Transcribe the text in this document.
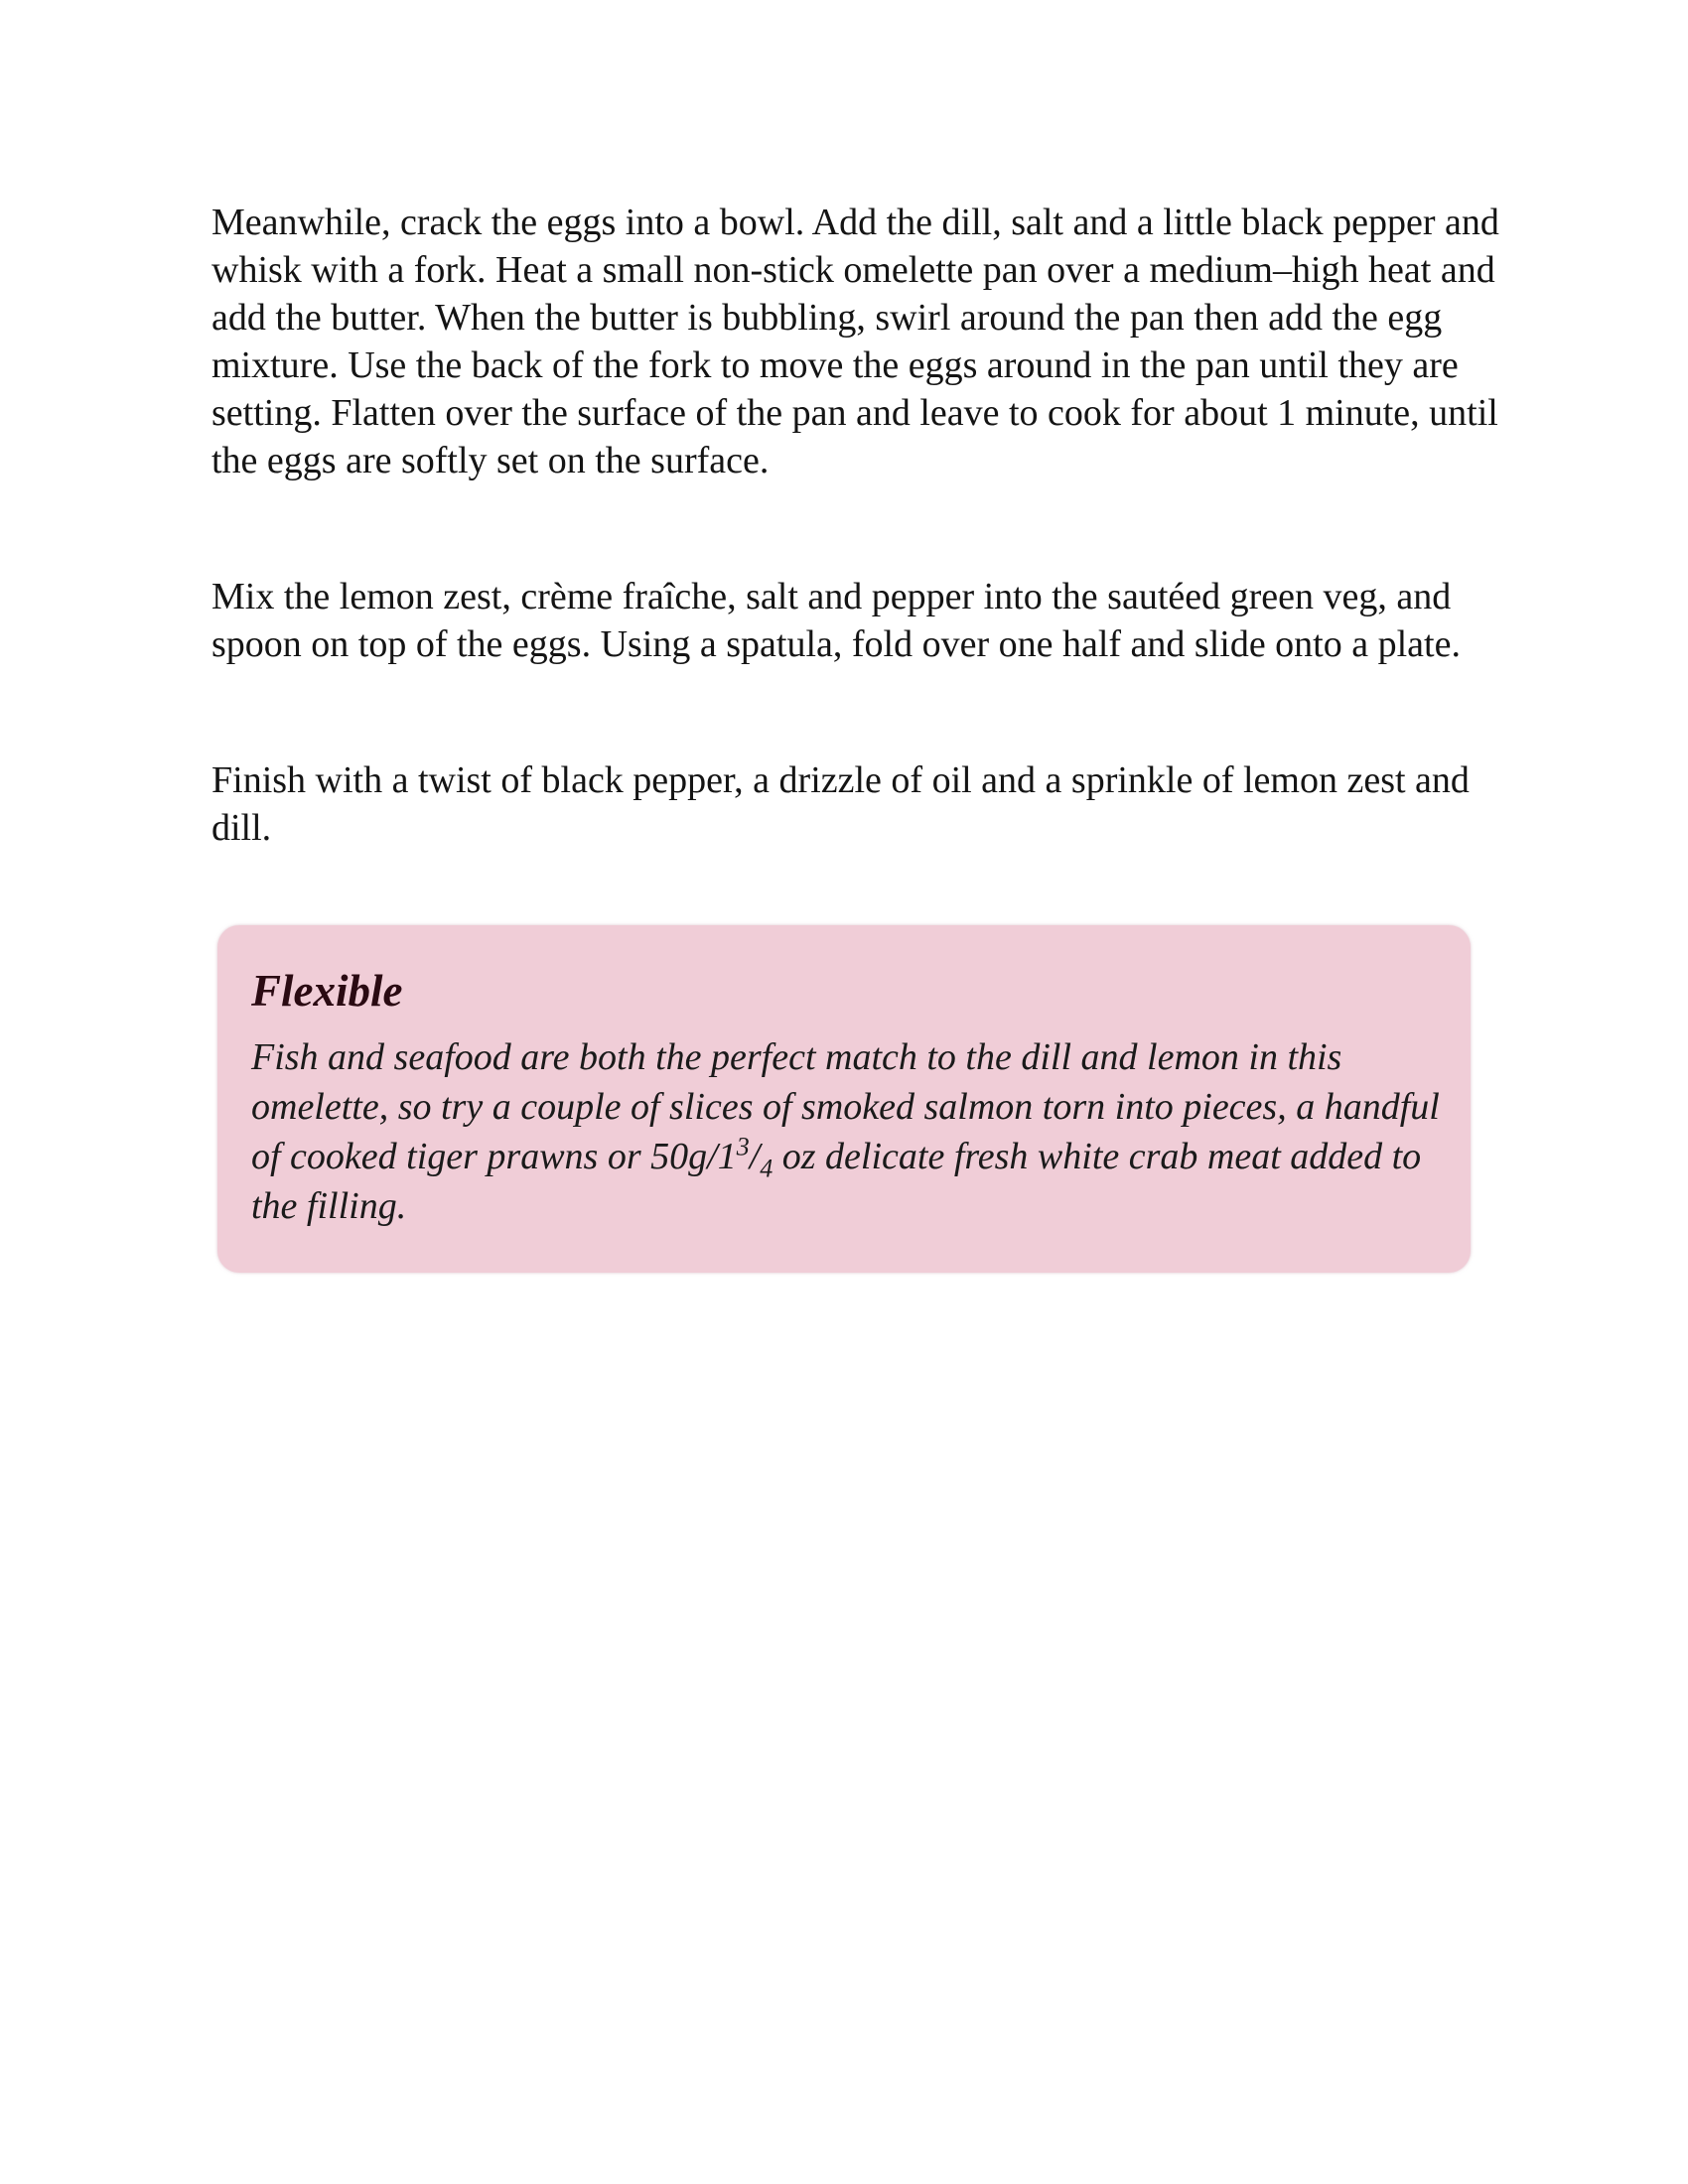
Meanwhile, crack the eggs into a bowl. Add the dill, salt and a little black pepper and whisk with a fork. Heat a small non-stick omelette pan over a medium–high heat and add the butter. When the butter is bubbling, swirl around the pan then add the egg mixture. Use the back of the fork to move the eggs around in the pan until they are setting. Flatten over the surface of the pan and leave to cook for about 1 minute, until the eggs are softly set on the surface.

Mix the lemon zest, crème fraîche, salt and pepper into the sautéed green veg, and spoon on top of the eggs. Using a spatula, fold over one half and slide onto a plate.

Finish with a twist of black pepper, a drizzle of oil and a sprinkle of lemon zest and dill.

Flexible

Fish and seafood are both the perfect match to the dill and lemon in this omelette, so try a couple of slices of smoked salmon torn into pieces, a handful of cooked tiger prawns or $50g/1^3/_4$ oz delicate fresh white crab meat added to the filling.
